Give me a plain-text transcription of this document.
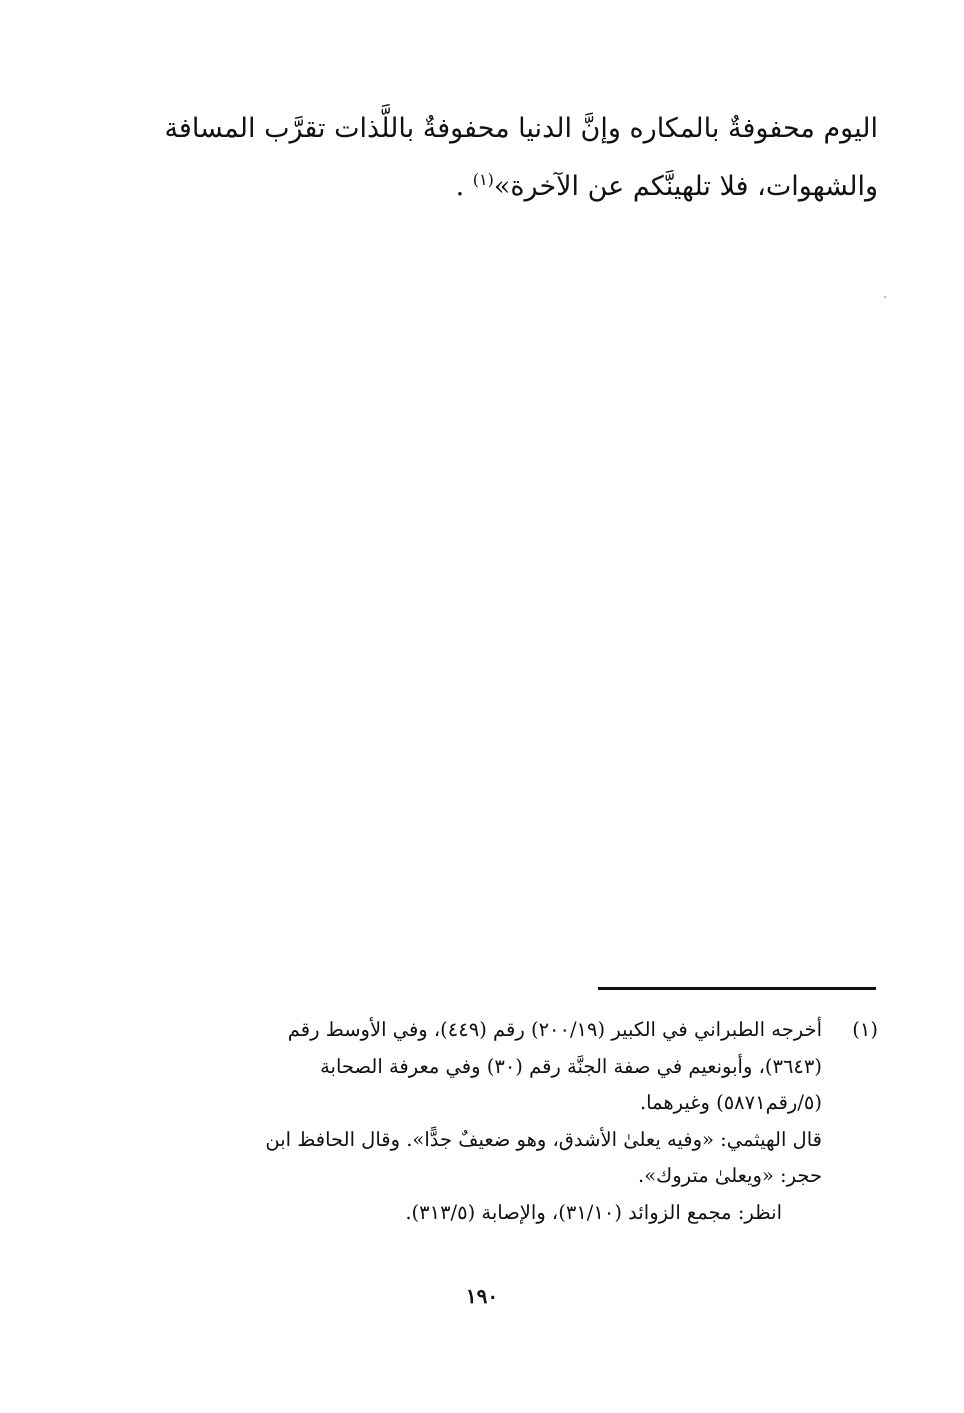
اليوم محفوفةٌ بالمكاره وإنَّ الدنيا محفوفةٌ باللَّذات تقرَّب المسافة
والشهوات، فلا تلهينَّكم عن الآخرة»$^{(١)}$ .
(١)أخرجه الطبراني في الكبير (٢٠٠/١٩) رقم (٤٤٩)، وفي الأوسط رقم
(٣٦٤٣)، وأبونعيم في صفة الجنَّة رقم (٣٠) وفي معرفة الصحابة
(٥/رقم٥٨٧١) وغيرهما.
قال الهيثمي: «وفيه يعلىٰ الأشدق، وهو ضعيفٌ جدًّا». وقال الحافظ ابن
حجر: «ويعلىٰ متروك».
انظر: مجمع الزوائد (٣١/١٠)، والإصابة (٣١٣/٥).
١٩٠
